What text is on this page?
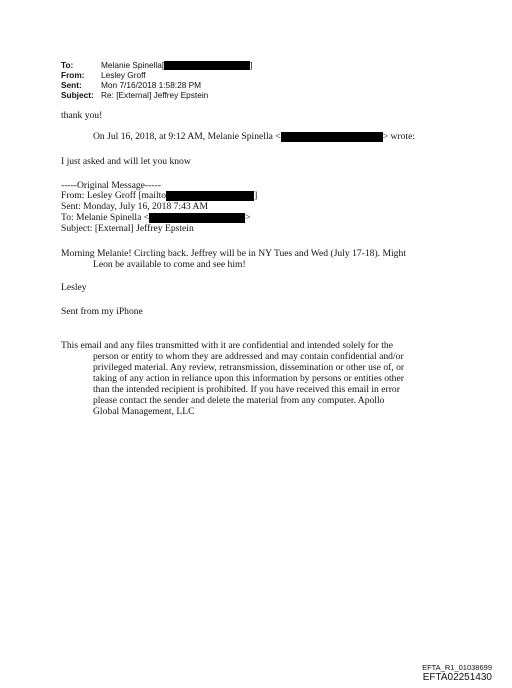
To:	Melanie Spinella[	]
From:	Lesley Groff
Sent:	Mon 7/16/2018 1:58:28 PM
Subject: Re: [External] Jeffrey Epstein
thank you!
On Jul 16, 2018, at 9:12 AM, Melanie Spinella <	> wrote:
I just asked and will let you know
-----Original Message-----
From: Lesley Groff [mailto	]
Sent: Monday, July 16, 2018 7:43 AM
To: Melanie Spinella <	>
Subject: [External] Jeffrey Epstein
Morning Melanie! Circling back. Jeffrey will be in NY Tues and Wed (July 17-18). Might
Leon be available to come and see him!
Lesley
Sent from my iPhone
This email and any files transmitted with it are confidential and intended solely for the
person or entity to whom they are addressed and may contain confidential and/or
privileged material. Any review, retransmission, dissemination or other use of, or
taking of any action in reliance upon this information by persons or entities other
than the intended recipient is prohibited. If you have received this email in error
please contact the sender and delete the material from any computer. Apollo
Global Management, LLC
EFTA_R1_01038699
EFTA02251430
